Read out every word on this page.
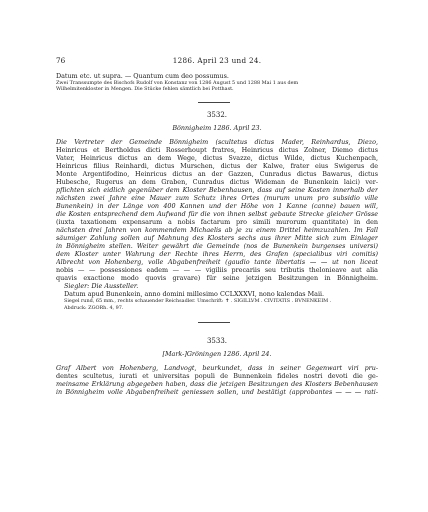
76	1286. April 23 und 24.
Datum etc. ut supra. — Quantum cum deo possumus.
Zwei Transsumpte des Bischofs Rudolf von Konstanz von 1286 August 5 und 1288 Mai 1 aus dem
Wilhelmitenkloster in Mengen. Die Stücke fehlen sämtlich bei Potthast.
3532.
Bönnigheim 1286. April 23.
Die Vertreter der Gemeinde Bönnigheim (scultetus dictus Mader, Reinhardus, Diezo,
Heinricus et Bertholdus dicti Rosserhoupt fratres, Heinricus dictus Zolner, Diemo dictus
Vater, Heinricus dictus an dem Wege, dictus Svazze, dictus Wilde, dictus Kuchenpach,
Heinricus filius Reinhardi, dictus Murschen, dictus der Kalwe, frater eius Swigerus de
Monte Argentifodino, Heinricus dictus an der Gazzen, Cunradus dictus Bawarus, dictus
Hubesche, Rugerus an dem Graben, Cunradus dictus Wideman de Bunenkein laici) ver-
pflichten sich eidlich gegenüber dem Kloster Bebenhausen, dass auf seine Kosten innerhalb der
nächsten zwei Jahre eine Mauer zum Schutz ihres Ortes (murum unum pro subsidio ville
Bunenkein) in der Länge von 400 Kannen und der Höhe von 1 Kanne (canne) bauen will,
die Kosten entsprechend dem Aufwand für die von ihnen selbst gebaute Strecke gleicher Grösse
(iuxta taxationem expensarum a nobis factarum pro simili murorum quantitate) in den
nächsten drei Jahren von kommendem Michaelis ab je zu einem Drittel heimzuzahlen. Im Fall
säumiger Zahlung sollen auf Mahnung des Klosters sechs aus ihrer Mitte sich zum Einlager
in Bönnigheim stellen. Weiter gewährt die Gemeinde (nos de Bunenkein burgenses universi)
dem Kloster unter Wahrung der Rechte ihres Herrn, des Grafen (specialibus viri comitis)
Albrecht von Hohenberg, volle Abgabenfreiheit (gaudio tante libertatis — — ut non liceat
nobis — — possessiones eadem — — — vigiliis precariis seu tributis thelonieave aut alia
quavis exactione modo quovis gravare) für seine jetzigen Besitzungen in Bönnigheim.
Siegler: Die Aussteller.
Datum apud Bunenkein, anno domini millesimo CCLXXXVI, nono kalendas Maii.
Siegel rund, 65 mm., rechts schauender Reichsadler. Umschrift: ✝ . SIGILLVM . CIVITATIS . BVNENKEIM .
Abdruck: ZGORh. 4, 97.
3533.
[Mark-]Gröningen 1286. April 24.
Graf Albert von Hohenberg, Landvogt, beurkundet, dass in seiner Gegenwart viri pru-
dentes scultetus, iurati et universitas populi de Bunnenkein fideles nostri devoti die ge-
meinsame Erklärung abgegeben haben, dass die jetzigen Besitzungen des Klosters Bebenhausen
in Bönnigheim volle Abgabenfreiheit geniessen sollen, und bestätigt (approbantes — — — rati-
